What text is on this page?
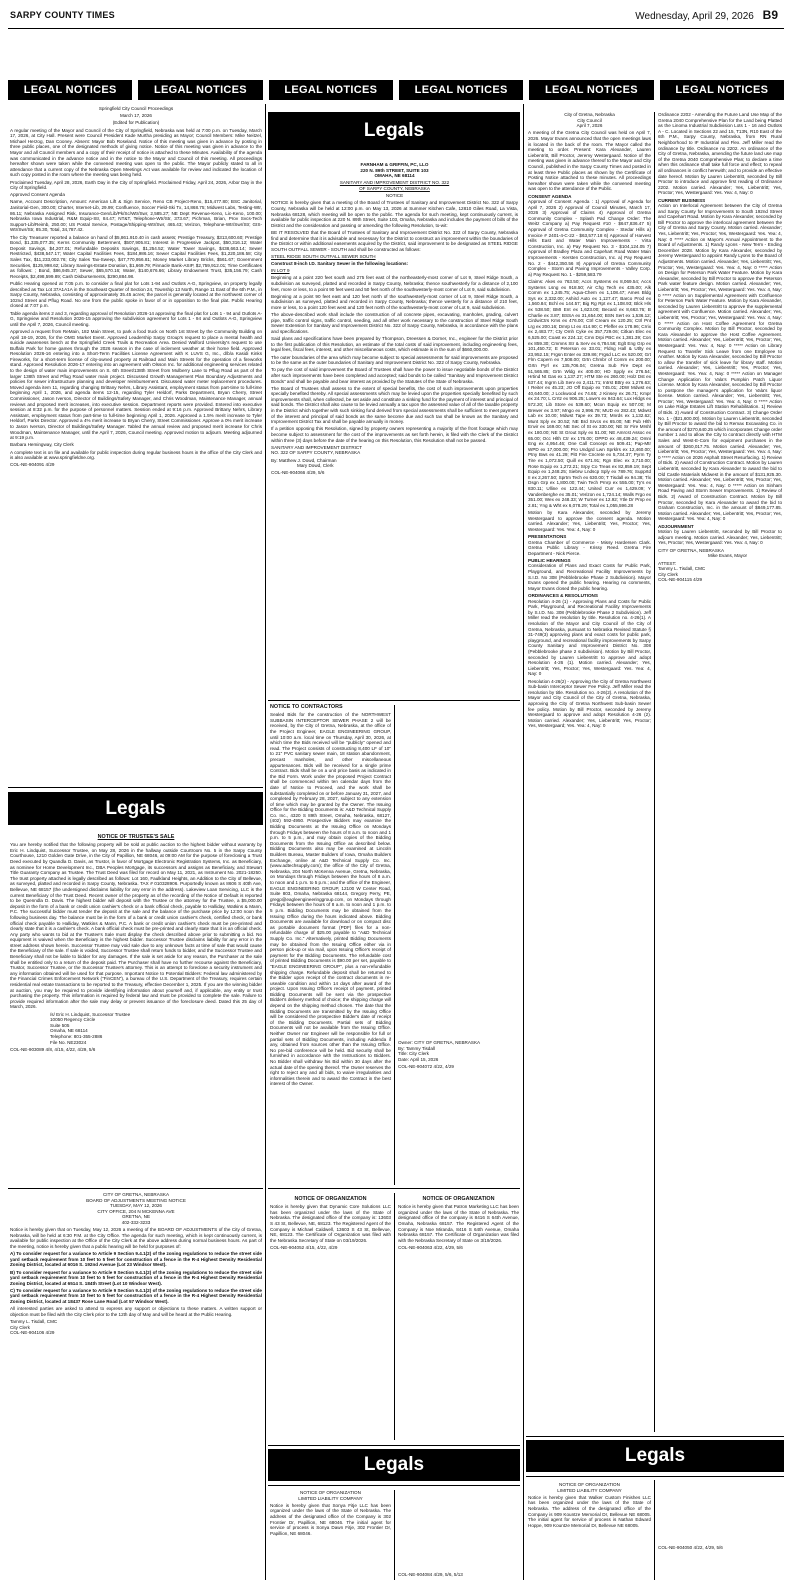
SARPY COUNTY TIMES	Wednesday, April 29, 2026 B9
LEGAL NOTICES	LEGAL NOTICES	LEGAL NOTICES	LEGAL NOTICES	LEGAL NOTICES	LEGAL NOTICES
Legals
Legals
Legals	Legals

Springfield City Council Proceedings

March 17, 2026

(Edited for Publication)

A regular meeting of the Mayor and Council of the City of Springfield, Nebraska was held at 7:00 p.m. on Tuesday, March 17, 2026, at City Hall. Present were Council President Kade Murtha presiding as Mayor; Council Members: Mike Neitzel, Michael Herzog, Dan Cooney. Absent: Mayor Bob Roseland. Notice of this meeting was given in advance by posting in three public places, one of the designated methods of giving notice. Notice of this meeting was given in advance to the Mayor and all Council members and a copy of their receipt of notice is attached to these Minutes. Availability of the agenda was communicated in the advance notice and in the notice to the Mayor and Council of this meeting. All proceedings hereafter shown were taken while the convened meeting was open to the public. The Mayor publicly stated to all in attendance that a current copy of the Nebraska Open Meetings Act was available for review and indicated the location of such copy posted in the room where the meeting was being held.

Proclaimed Tuesday, April 28, 2026, Earth Day in the City of Springfield. Proclaimed Friday, April 24, 2026, Arbor Day in the City of Springfield.

Approved Consent Agenda

Name, Account Description, Amount: American Lift & Sign Service, Reno CB Project-Reno, $15,477.80; BSC Janitorial, Janitorial-Gen, 300.00; Charter, Internet-Lib, 29.99; Confluence, Soccer Field-Ski Tx, 14,868.75; Midwest Labs, Testing-Wtr, 86.11; Nebraska Assigned Risk, Insurance-Gen/Lib/Pk/Sc/Wtr/Swr, 2,585.27; NE Dept Revenue-Keno, Lic-Keno, 100.00; Nebraska Iowa Industrial, R&M Equip-Str, 84.47; NT&T, Telephone-Wtr/Str, 373.67; Pichman, Brian, Prov Svcs-Tech Support-Lib/Reimb, 250.00; US Postal Service, Postage/Shipping-Wtr/Swr, 465.43; Verizon, Telephone-Wtr/Swr/Str; GIS-Wtr/Swr/Str, 85.30, Total, 34,787.42.

The City Treasurer reported a balance on hand of $5,861.910.40 in cash assets; Prestige Treasury, $313,600.60; Prestige Bond, $1,335,077.35; Kerns Community Betterment, $507,905.81; Interest in Progressive Jackpot, $50,316.12; Water Deposit Savings, $4,207.01; Refundable Deposits Savings, $1,254.52; Water Tower Savings, $438,663.14; Sewer Restricted, $438,547.17; Water Capital Facilities Fees, $184,986.16; Sewer Capital Facilities Fees, $1,220,186.58; City Sales Tax, $11,233,002.76; City Sales Tax-Sweep, $47,770,956.81; Money Market Library Bricks, $561.67; Government Securities, $125,998.62; Library Savings-Estate Donation, $1,669.79; Pinnacle Bank-ASIP, $2,759,912.01; Time Certificates as follows: ; Bond, $86,945.37; Sewer, $65,570.16; Water, $140,676.66; Library Endowment Trust, $35,156.79; Cash Receipts, $2,498,599.89; Cash Disbursements, $290,884.98.

Public Hearing opened at 7:05 p.m. to consider a final plat for Lots 1-94 and Outlots A-G, Springview, on property legally described as Tax Lot 37A1A1A in the Southeast Quarter of Section 24, Township 13 North, Range 11 East of the 6th P.M., in Sarpy County, Nebraska, consisting of approximately 35.45 acres; the parcel is generally located at the northwest corner of 102nd Street and Pflug Road. No one from the public spoke in favor of or in opposition to the final plat. Public Hearing closed at 7:07 p.m.

Table agenda items 2 and 3, regarding approval of Resolution 2026-14 approving the final plat for Lots 1 - 94 and Outlots A-G, Springview and Resolution 2026-15 approving the subdivision agreement for Lots 1 - 94 and Outlots A-G, Springview until the April 7, 2026, Council meeting.

Approved a request from ReMain, 182 Main Street, to park a food truck on North 1st Street by the Community Building on April 18-19, 2026, for the OMG Market Event. Approved Leadership Sarpy Group's request to place a mental health and suicide awareness bench at the Springfield Creek Trails & Recreation Area. Denied Walford University's request to use Buffalo Park for home games through the 2026 season in the case of inclement weather at their home field. Approved Resolution 2026-16 entering into a Short-Term Facilities License Agreement with K LUVS G, Inc., d/b/a Kasidi Kinks Fireworks, for a short-term license of city-owned property at Railroad and Main Streets for the operation of a fireworks stand. Approved Resolution 2026-17 entering into an agreement with Olsson Inc. for additional engineering services related to the design of water main improvements on S. 6th Street/138th Street from Mulberry Lane to Pflug Road as part of the larger 138th Street and Pflug Road water main project. Discussed Growth Management Plan Boundary Adjustments and policies for sewer infrastructure planning and developer reimbursement. Discussed water meter replacement procedures. Moved agenda item 11, regarding changing Brittany Nehrs, Library Assistant, employment status from part-time to full-time beginning April 1, 2026, and agenda items 12-15, regarding Tyler Heldorf, Parks Department, Bryan Cherry, Street Commissioner, Jason Iverson, Director of Buildings/Safety Manager, and Chris Woodman, Maintenance Manager, annual reviews and proposed merit increases, into executive session. Department reports were provided. Entered into executive session at 8:32 p.m. for the purpose of personnel matters. Session ended at 9:16 p.m. Approved Brittany Nehrs, Library Assistant, employment status from part-time to full-time beginning April 1, 2026. Approved a 1.5% merit increase to Tyler Heldorf, Parks Director. Approved a 4% merit increase to Bryan Cherry, Street Commissioner. Approve a 0% merit increase to Jason Iverson, Director of Buildings/Safety Manager. Tabled the annual review and proposed merit increase for Chris Woodman, Maintenance Manager, until the April 7, 2026, Council meeting. Approved motion to adjourn. Meeting adjourned at 9:19 p.m.

Barbara Hemingway, City Clerk

A complete text is on file and available for public inspection during regular business hours in the office of the City Clerk and is also available at www.springfieldne.org.

COL-NE-904091 4/29

NOTICE OF TRUSTEE'S SALE

You are hereby notified that the following property will be sold at public auction to the highest bidder without warranty by Eric H. Lindquist, Successor Trustee, on May 28, 2026 in the hallway outside Courtroom No. 5 in the Sarpy County Courthouse, 1210 Golden Gate Drive, in the City of Papillion, NE 68046, at 09:00 AM for the purpose of foreclosing a Trust Deed executed by Quandla D. Davis, as Trustor, in favor of Mortgage Electronic Registration Systems, Inc. as Beneficiary, as nominee for Home Development Inc., DBA Peoples Mortgage, its successors and assigns as Beneficiary, and Stewart Title Guaranty Company as Trustee. The Trust Deed was filed for record on May 11, 2021, as Instrument No. 2021-18250. The trust property attached is legally described as follows: Lot 160, Faulkland Heights, an Addition to the City of Bellevue, as surveyed, platted and recorded in Sarpy County, Nebraska. TAX # 010328906. Purportedly known as 8606 S 40th Ave, Bellevue, NE 68157 (the undersigned disclaims liability for any error in the address). Lakeview Loan Servicing, LLC is the current Beneficiary of the Trust Deed. Recent owner of the property as of the recording of the Notice of Default is reported to be Quenndla D. Davis. The highest bidder will deposit with the Trustee or the attorney for the Trustee, a $5,000.00 deposit in the form of a bank or credit union cashier's check or a bank official check, payable to Halliday, Watkins & Mann, P.C. The successful bidder must tender the deposit at the sale and the balance of the purchase price by 12:00 noon the following business day. The balance must be in the form of a bank or credit union cashier's check, certified check, or bank official check payable to Halliday, Watkins & Mann, P.C. A bank or credit union cashier's check must be pre-printed and clearly state that it is a cashier's check. A bank official check must be pre-printed and clearly state that it is an official check. Any party who wants to bid at the Trustee's Sale must display the check described above prior to submitting a bid. No equipment is waived when the Beneficiary is the highest bidder. Successor Trustee disclaims liability for any error in the street address shown herein. Successor Trustee may void sale due to any unknown facts at time of sale that would cause the Beneficiary of the sale. If sale is voided, Successor Trustee shall return funds to bidder, and the Successor Trustee and Beneficiary shall not be liable to bidder for any damages. If the sale is set aside for any reason, the Purchaser at the sale shall be entitled only to a return of the deposit paid. The Purchaser shall have no further recourse against the Beneficiary, Trustor, Successor Trustee, or the Successor Trustee's attorney. This is an attempt to foreclose a security instrument and any information obtained will be used for that purpose. Important Notice to Potential Bidders: Federal law administered by the Financial Crimes Enforcement Network ("FinCEN"), a bureau of the U.S. Department of the Treasury, requires certain residential real estate transactions to be reported to the Treasury, effective December 1, 2025. If you are the winning bidder at auction, you may be required to provide identifying information about yourself and, if applicable, any entity or trust purchasing the property. This information is required by federal law and must be provided to complete the sale. Failure to provide required information after the sale may delay or prevent issuance of the foreclosure deed. Dated this 25 day of March, 2026.

/s/ Eric H. Lindquist, Successor Trustee

10050 Regency Circle

Suite 505

Omaha, NE 68114

Telephone: 801-355-2886

File No. NE23024

COL-NE-903089 4/8, 4/15, 4/22, 4/29, 5/6

CITY OF GRETNA, NEBRASKA

BOARD OF ADJUSTMENTS MEETING NOTICE

TUESDAY, MAY 12, 2026

CITY OFFICE, 204 N MCKENNA AVE

GRETNA, NE

402-332-3233

Notice is hereby given that on Tuesday, May 12, 2026 a meeting of the BOARD OF ADJUSTMENTS of the City of Gretna, Nebraska, will be held at 6:30 P.M. at the City Office. The agenda for such meeting, which is kept continuously current, is available for public inspection at the Office of the City Clerk at the above address during normal business hours. As part of the meeting, notice is hereby given that a public hearing will be held for purposes of:

A) To consider request for a variance to Article 9 Section 9.4.1(2) of the zoning regulations to reduce the street side yard setback requirement from 10 feet to 5 feet for construction of a fence in the R-4 Highest Density Residential Zoning District, located at 6016 S. 192nd Avenue (Lot 23 Windsor West).

B) To consider request for a variance to Article 9 Section 9.4.1(2) of the zoning regulations to reduce the street side yard setback requirement from 10 feet to 5 feet for construction of a fence in the R-4 Highest Density Residential Zoning District, located at 6514 S. 184th Street (Lot 10 Windsor West).

C) To consider request for a variance to Article 9 Section 9.4.1(2) of the zoning regulations to reduce the street side yard setback requirement from 10 feet to 5 feet for construction of a fence in the R-4 Highest Density Residential Zoning District, located at 18437 Rose Lane Road (Lot 57 Windsor West).

All interested parties are asked to attend to express any support or objections to these matters. A written support or objection must be filed with the City Clerk prior to the 12th day of May and will be heard at the Public Hearing.

Tammy L. Tisdall, CMC

City Clerk

COL-NE-904106 4/29

FARNHAM & GRIFFIN, PC, LLO

220 N. 89th STREET, SUITE 103

OMAHA, NE 68114

SANITARY AND IMPROVEMENT DISTRICT NO. 322

OF SARPY COUNTY, NEBRASKA

NOTICE

NOTICE is hereby given that a meeting of the Board of Trustees of Sanitary and Improvement District No. 322 of Sarpy County, Nebraska will be held at 12:00 p.m. on May 13, 2026 at Summer Kitchen Cafe, 12810 Giles Road, La Vista, Nebraska 68128, which meeting will be open to the public. The agenda for such meeting, kept continuously current, is available for public inspection at 220 N. 89th Street, Suite 103, Omaha, Nebraska and includes the payment of bills of the District and the consideration and passing or amending the following Resolution, to-wit:

BE IT RESOLVED that the Board of Trustees of Sanitary and Improvement District No. 322 of Sarpy County, Nebraska find and determine that it is advisable and necessary for the District to construct an improvement within the boundaries of the District or within additional easements acquired by the District, said improvement to be designated as STEEL RIDGE SOUTH OUTFALL SEWER - SOUTH and shall be constructed as follows:

STEEL RIDGE SOUTH OUTFALL SEWER SOUTH

Construct 8-inch I.D. Sanitary Sewer in the following locations:

IN LOT 9

Beginning at a point 220 feet south and 275 feet east of the northeasterly-most corner of Lot 9, Steel Ridge South, a subdivision as surveyed, platted and recorded in Sarpy County, Nebraska; thence southwesterly for a distance of 2,100 feet, more or less, to a point 90 feet west and 50 feet north of the southwesterly-most corner of Lot 9, said subdivision.

Beginning at a point 90 feet east and 120 feet north of the southwesterly-most corner of Lot 9, Steel Ridge South, a subdivision as surveyed, platted and recorded in Sarpy County, Nebraska; thence westerly for a distance of 210 feet, more or less, to a point 120 feet west and 120 feet north of the southwesterly-most corner of Lot 9, said subdivision.

The above-described work shall include the construction of all concrete pipes, excavating, manholes, grading, culvert pipe, traffic control signs, traffic control, seeding, and all other work necessary to the construction of Steel Ridge South Sewer Extension for Sanitary and Improvement District No. 322 of Sarpy County, Nebraska, in accordance with the plans and specifications.

Said plans and specifications have been prepared by Thompson, Dreessen & Dorner, Inc., engineer for the District prior to the first publication of this Resolution, an estimate of the total costs of said improvement, including engineering fees, legal fees, fiscal fees, interest, and other miscellaneous costs, which estimate is in the sum of $660,000.00.

The outer boundaries of the area which may become subject to special assessments for said improvements are proposed to be the same as the outer boundaries of Sanitary and Improvement District No. 322 of Sarpy County, Nebraska.

To pay the cost of said improvement the Board of Trustees shall have the power to issue negotiable bonds of the District after such improvements have been completed and accepted; said bonds to be called "Sanitary and Improvement District Bonds" and shall be payable and bear interest as provided by the Statutes of the State of Nebraska.

The Board of Trustees shall assess to the extent of special benefits, the cost of such improvements upon properties specially benefited thereby. All special assessments which may be levied upon the properties specially benefited by such improvements shall, when collected, be set aside and constitute a sinking fund for the payment of interest and principal of said bonds. The District shall also cause to be levied annually a tax upon the assessed value of all of the taxable property in the District which together with such sinking fund derived from special assessments shall be sufficient to meet payment of the interest and principal of said bonds as the same become due and such tax shall be known as the Sanitary and Improvement District Tax and shall be payable annually in money.

If a petition opposing this Resolution, signed by property owners representing a majority of the front footage which may become subject to assessment for the cost of the improvements as set forth herein, is filed with the Clerk of the District within three (3) days before the date of the hearing on this Resolution, this Resolution shall not be passed.

SANITARY AND IMPROVEMENT DISTRICT

NO. 322 OF SARPY COUNTY, NEBRASKA

By: Matthew J. Dowd, Chairman

Mary Dowd, Clerk

COL-NE-904066 4/29, 5/6

NOTICE TO CONTRACTORS

Sealed Bids for the construction of the NORTHWEST SUBBASIN INTERCEPTOR SEWER PHASE 2 will be received, by the City of Gretna, Nebraska, at the office of the Project Engineer, EAGLE ENGINEERING GROUP, until 10:00 a.m. local time on Thursday, April 30, 2026, at which time the Bids received will be "publicly" opened and read. The Project consists of constructing 8,400 LF of 10" to 21" PVC sanitary sewer main, 18 station abandonment, precast manholes, and other miscellaneous appurtenances. Bids will be received for a single prime Contract. Bids shall be on a unit price basis as indicated in the Bid Form. Work under the proposed Project Contract shall be commenced within ten calendar days from the date of Notice to Proceed, and the work shall be substantially completed on or before January 31, 2027, and completed by February 28, 2027, subject to any extension of time which may be granted by the Owner. The Issuing Office for the Bidding Documents is: A&D Technical Supply Co. Inc., 4320 S 89th Street, Omaha, Nebraska, 68127, (402) 592-4950. Prospective Bidders may examine the Bidding Documents at the Issuing Office on Mondays through Fridays between the hours of 8 a.m. to noon and 1 p.m. to 5 p.m., and may obtain copies of the Bidding Documents from the Issuing Office as described below. Bidding Documents also may be examined at Lincoln Builders Bureau, Master Builders of Iowa, Omaha Builders Exchange, online at A&D Technical Supply Co. Inc. (www.adtechsupply.com); the office of the City of Gretna, Nebraska, 204 North McKenna Avenue, Gretna, Nebraska, on Mondays through Fridays between the hours of 8 a.m. to noon and 1 p.m. to 5 p.m.; and the office of the Engineer, EAGLE ENGINEERING GROUP, 12100 W Center Road, Suite 803, Omaha, Nebraska 68144, Gregory Perry, PE, gregp@eagleengineeringgroup.com, on Mondays through Fridays between the hours of 8 a.m. to noon and 1 p.m. to 5 p.m. Bidding Documents may be obtained from the Issuing Office during the hours indicated above. Bidding Documents are available for download or on compact disc as portable document format (PDF) files for a non-refundable charge of $25.00 payable to "A&D Technical Supply Co. Inc." Alternatively, printed Bidding Documents may be obtained from the Issuing Office either via in person pick-up or via mail, upon Issuing Office's receipt of payment for the Bidding Documents. The refundable cost of printed Bidding Documents is $90.00 per set, payable to "EAGLE ENGINEERING GROUP", plus a non-refundable shipping charge. Refundable deposit shall be returned to the Bidder upon receipt of the contract documents in re-useable condition and within 14 days after award of the project. Upon Issuing Office's receipt of payment, printed Bidding Documents will be sent via the prospective Bidder's delivery method of choice; the shipping charge will depend on the shipping method chosen. The date that the Bidding Documents are transmitted by the Issuing Office will be considered the prospective Bidder's date of receipt of the Bidding Documents. Partial sets of Bidding Documents will not be available from the Issuing Office. Neither Owner nor Engineer will be responsible for full or partial sets of Bidding Documents, including Addenda if any, obtained from sources other than the Issuing Office. No pre-bid conference will be held. Bid security shall be furnished in accordance with the Instructions to Bidders. No Bidder shall withdraw his Bid within 30 days after the actual date of the opening thereof. The Owner reserves the right to reject any and all bids, to waive irregularities and informalities therein and to award the Contract in the best interest of the Owner.

Owner: CITY OF GRETNA, NEBRASKA

By: Tammy Tisdall

Title: City Clerk

Date: April 15, 2026

COL-NE-904072 4/22, 4/29

NOTICE OF ORGANIZATION

Notice is hereby given that Dynamic Core Solutions LLC has been organized under the laws of the State of Nebraska. The designated office of the company is: 13603 S 43 St, Bellevue, NE, 68123. The Registered Agent of the Company is Michael Caldwell, 13603 S 43 St, Bellevue, NE, 68123. The Certificate of Organization was filed with the Nebraska Secretary of State on 03/19/2026.

COL-NE-904052 4/15, 4/22, 4/29

NOTICE OF ORGANIZATION

Notice is hereby given that Patron Marketing LLC has been organized under the laws of the State of Nebraska. The designated office of the company is 8416 S 64th Avenue, Omaha, Nebraska 68157. The Registered Agent of the Company is Noe Miranda, 8416 S 64th Avenue, Omaha Nebraska 68157. The Certificate of Organization was filed with the Nebraska Secretary of State on 3/19/2026.

COL-NE-904063 4/22, 4/29, 5/6

NOTICE OF ORGANIZATION

LIMITED LIABILITY COMPANY

Notice is hereby given that Sonya Fitje LLC has been organized under the laws of the State of Nebraska. The address of the designated office of the Company is 302 Frontier Dr, Papillion, NE 68046. The initial agent for service of process is Sonya Dawn Fitje, 302 Frontier Dr, Papillion, NE 68046.

COL-NE-904084 4/29, 5/6, 5/13

City of Gretna, Nebraska

City Council

April 7, 2026

A meeting of the Gretna City Council was held on April 7, 2026. Mayor Evans announced that the open meetings laws is located in the back of the room. The Mayor called the meeting to order. Present: Kara Alexander, Lauren Liebentritt, Bill Proctor, Jeremy Westergaard. Notice of the meeting was given in advance thereof to the Mayor and City Council, published in the Sarpy County Times and posted in at least three Public places as shown by the Certificate of Posting Notice attached to these minutes. All proceedings hereafter shown were taken while the convened meeting was open to the attendance of the Public.

CONSENT AGENDA

Approval of Consent Agenda : 1) Approval of Agenda for April 7, 2026 2) Approval of Council Minutes, March 17, 2026 3) Approval of Claims 4) Approval of Gretna Community Complex - Splash Pad Change Order: The Weitz Company a) Pay Request #10 - $647,836.47 5) Approval of Gretna Community Complex - Stedar Hills a) Invoice # 2401-4-C-22 - $63,577.18 6) Approval of Harvest Hills East and Water Main Improvements - Virta Construction, Inc. a) Pay Request No. 3 - $104,124.05 7) Approval of Bradley Plaza and Capehart Road Water Main Improvements - Kersten Construction, Inc. a) Pay Request No. 2 - $442,350.56 8) Approval of Gretna Community Complex - Storm and Paving Improvements - Valley Corp. a) Pay Request No. 1 - $259,583.79

Claims: Akes ex 763.50; Accs Systems ex 8,069.54; Accs Systems Lsng ex 918.50; Air Chg Tech ex 435.00; Alk Comm ex 1,245.75; Aqua-Chem ex 1,108.47; Ames Bldg Sys ex 2,332.00; Ashird Auto ex 1,127.47; Barco Prod ex 1,560.84; Bchl ex 144.57; Big Rg Rpt ex 1,108.93; Blck Hls ex 538.50; BMI Ent ex 1,623.00; Becard ex 8,663.76; B Charlie ex 3.87; BSSA ex 31,654.00; BSN Sert ex 1,536.12; CirdwiCtrs Kms ex 476.00; Ctrl Cream ex 120.25; Ctrl Pnt Lrg ex 200.16; Dmrp Lt ex 414.90; C Pfeffer ex 178.96; Crrix ex 2,483.77; Cty Omh Cyke ex 357,729.06; Citkan Elec ex 6,525.00; Coast ex 224.12; Cmn Drpi PBC ex 1,381.39; Con ex 859.30; Cmmns Str & Serv ex 6,784.56; Eglt Eng Grp ex 101,450.72; E Peterson ex 33.01; Fldng Hall & Utlty ex 23,952.15; Frgsn Enter ex 339.86; Frgsd LLC ex 520.00; Grt Flm Copern ex 7,508.00; Grtn Chmbr of Comm ex 200.00; Grtn Pyrl ex 135,706.04; Gretna Sub Fire Dept ex 51,565.85; Grtn Wldg ex 400.00; HD Spply ex 276.54; Hrtind Nt Gas ex 1,137.27; HTM Ste ex 260.00; Holz Dst ex 637.44; Ingrm Lib Serv ex 2,411.71; Intrst Bttry ex 1,276.63; I Reiter ex 45.23; JO Off Equip ex 745.01; JDW Mdwst ex 40,640.00; J Lockwood ex 74.65; J Kinsey ex 26.71; Kmpr ex 24.70; L Crrtz ex 906.25; Lowe's ex 943.64; Lux Hldgs ex 572.20; Lib Store ex 539.60; Mcon Equip ex 507.00; M Brewer ex 3.97; Mngo ex 2,996.78; MUD ex 282.43; Mdwst Lab ex 10.00; Mdwst Tape ex 39.73; Mnrds ex 1,132.62; Munt Sply ex 30.52; NE Brd Srvcs ex 65.00; NE Pub Hlth Envir ex 169.00; NE Sec of St ex 330.00; NE Sr Fire Mrshl ex 180.00; NE St Grout Sply ex 51.00; NE Amrcst Assoc ex 65.00; Occ Hlth Ctr ex 176.00; OPPD ex 48,439.24; Omni Eng ex 4,954.46; One Call Concept ex 509.41; Pap-Mtr WPD ex 17,000.00; Pro Undgrd Lwn Sprklrs ex 12,460.00; Ptny Bws ex 41.29; Pitt Fire Cncrete ex 5,734.37; Pyrm Ty Tire ex 1,072.50; Quill ex 671.91; Rgn Elec ex 3,710.00; Rose Equip ex 1,272.21; Srpy Co Treas ex 82,859.19; Sept Equip ex 1,248.25; Siebrw Lndscp Sply ex 789.76; Supprtd II ex 2,267.50; Sprtm Tech ex 630.00; T Tisdall ex 94.38; Tlx Dsgn Grp ex 1,800.00; Twin Tech Prnrp ex 555.00; Ty's ex 830.11; Ulline ex 122.44; United Curr ex 1,429.09; Y Vandenberghe ex 35.01; Verizon ex 1,724.14; Walls Frgo ex 351.00; Wex ex 248.33; W Turner ex 12.92; Ytle Dr Pmp ex 2.81; Yng & Wht ex 6,078.29; Total ex 1,055,596.28

Motion by Kara Alexander, seconded by Jeremy Westergaard to approve the consent agenda. Motion carried. Alexander; Yes, Liebentritt; Yes, Proctor; Yes, Westergaard: Yes. Yea: 4, Nay: 0

PRESENTATIONS

Gretna Chamber of Commerce - Missy Hardersen Clark. Gretna Public Library - Krissy Reed. Gretna Fire Department - Nick Pierce.

PUBLIC HEARINGS

Consideration of Plans and Exact Costs for Public Park, Playground, and Recreational Facility Improvements by S.I.D. No 308 (Pebblebrooke Phase 2 Subdivision). Mayor Evans opened the public hearing. Hearing no comments, Mayor Evans closed the public hearing.

ORDINANCES & RESOLUTIONS

Resolution 4-26 (1) - Approving Plans and Costs for Public Park, Playground, and Recreational Facility Improvements by S.I.D. No. 308 (Pebblebrooke Phase 2 Subdivision). Jeff Miller read the resolution by title. Resolution no. 4-26(1). A resolution of the Mayor and City Council of the City of Gretna, Nebraska, pursuant to Nebraska Revised Statute § 31-749(3) approving plans and exact costs for public park, playground, and recreational facility improvements by Sarpy County Sanitary and Improvement District No. 308 (Pebblebrooke phase 2 subdivision). Motion by Bill Proctor, seconded by Lauren Liebentritt to approve and adopt Resolution 4-26 (1). Motion carried. Alexander; Yes, Liebentritt; Yes, Proctor; Yes, Westergaard: Yes. Yea: 4, Nay: 0

Resolution 4-26(2) - Approving the City of Gretna Northwest Sub-basin Interceptor Sewer Fee Policy. Jeff Miller read the resolution by title. Resolution no. 4-26(2). A resolution of the Mayor and City Council of the City of Gretna, Nebraska, approving the City of Gretna Northwest Sub-basin Sewer fee policy. Motion by Bill Proctor, seconded by Jeremy Westergaard to approve and adopt Resolution 4-26 (2). Motion carried. Alexander; Yes, Liebentritt; Yes, Proctor; Yes, Westergaard; Yes. Yea: 4, Nay: 0

Ordinance 2202 - Amending the Future Land Use Map of the Gretna 2040 Comprehensive Plan for the Land being Platted as the Linoma Industrial Subdivision Lots 1 - 16 and Outlots A - C. Located in Sections 22 and 15, T13N, R10 East of the 6th P.M., Sarpy County, Nebraska, from RN Rural Neighborhood to IF Industrial and Flex. Jeff Miller read the ordinance by title. Ordinance no 2202. An ordinance of the City of Gretna, Nebraska, amending the future land use map of the Gretna 2040 Comprehensive Plan; to declare a time when this ordinance shall take full force and effect; to repeal all ordinances in conflict herewith; and to provide an effective date hereof. Motion by Lauren Liebentritt, seconded by Bill Proctor to introduce and approve first reading of Ordinance 2202. Motion carried. Alexander; Yes, Liebentritt; Yes, Proctor; Yes, Westergaard: Yes. Yea: 4, Nay: 0

CURRENT BUSINESS

Action on Interlocal Agreement between the City of Gretna and Sarpy County for Improvements to South 192nd Street and Capehart Road. Motion by Kara Alexander, seconded by Bill Proctor to approve the interlocal agreement between the City of Gretna and Sarpy County. Motion carried. Alexander; Yes, Liebentritt; Yes, Proctor; Yes, Westergaard: Yes. Yea: 4, Nay: 0 ***** Action on Mayor's Annual Appointment to the Board of Adjustments. 1) Randy Lyons - New Term - Ending December 2028. Motion by Kara Alexander, seconded by Jeremy Westergaard to appoint Randy Lyons to the Board of Adjustments. Motion carried. Alexander; Yes, Liebentritt; Yes, Proctor; Yes, Westergaard: Yes. Yea: 4, Nay: 0 ***** Action on Design for Peterson Park Water Feature. Motion by Kara Alexander, seconded by Bill Proctor to approve the Peterson Park water feature design. Motion carried. Alexander; Yes, Liebentritt; Yes, Proctor; Yes, Westergaard: Yes. Yea: 4, Nay: 0 ***** Action on Supplemental Agreement with Confluence for Peterson Park Water Feature. Motion by Kara Alexander, seconded by Lauren Liebentritt to approve the supplemental agreement with Confluence. Motion carried. Alexander; Yes, Liebentritt; Yes, Proctor; Yes, Westergaard: Yes. Yea: 4, Nay: 0 ***** Action on Host Coffee Agreement for Gretna Community Complex. Motion by Bill Proctor, seconded by Kara Alexander to approve the Host Coffee Agreement. Motion carried. Alexander; Yes, Liebentritt; Yes, Proctor; Yes, Westergaard: Yes. Yea: 4, Nay: 0 ***** Action on Library Request to Transfer Sick Leave from one Employee to Another. Motion by Kara Alexander, seconded by Bill Proctor to allow the transfer of sick leave for library staff. Motion carried. Alexander; Yes, Liebentritt; Yes, Proctor; Yes, Westergaard: Yes. Yea: 4, Nay: 0 ***** Action on Manager Change Application for Vala's Pumpkin Patch Liquor License. Motion by Kara Alexander, seconded by Bill Proctor to postpone the manager's application for Vala's liquor license. Motion carried. Alexander; Yes, Liebentritt; Yes, Proctor; Yes, Westergaard: Yes. Yea: 4, Nay: 0 ***** Action on Lake Ridge Estates Lift Station Rehabilitation. 1) Review of Bids. 2) Award of Construction Contract. 3) Change Order No. 1 - ($21,600.00). Motion by Lauren Liebentritt, seconded by Bill Proctor to award the bid to Remax Excavating Co. in the amount of $270,640.25 which incorporates Change order number 1 and to allow the City to contract directly with HTM Sales and West-E-Com for equipment purchases in the amount of $260,017.75. Motion carried. Alexander; Yes, Liebentritt; Yes, Proctor; Yes, Westergaard: Yes. Yea: 4, Nay: 0 ***** Action on 2026 Asphalt Street Resurfacing. 1) Review of Bids. 2) Award of Construction Contract. Motion by Lauren Liebentritt, seconded by Kara Alexander to award the bid to Old Castle Materials Midwest in the amount of $131,925.30. Motion carried. Alexander; Yes, Liebentritt; Yes, Proctor; Yes, Westergaard: Yes. Yea: 4, Nay: 0 ***** Action on Sinham Road Paving and Storm Sewer Improvements. 1) Review of Bids. 2) Award of Construction Contract. Motion by Bill Proctor, seconded by Kara Alexander to award the bid to Graham Construction, Inc. in the amount of $849,177.85. Motion carried. Alexander; Yes, Liebentritt; Yes, Proctor; Yes, Westergaard: Yes. Yea: 4, Nay: 0

ADJOURNMENT

Motion by Lauren Liebentritt, seconded by Bill Proctor to adjourn meeting. Motion carried. Alexander; Yes, Liebentritt; Yes, Proctor; Yes, Westergaard: Yes. Yea: 4, Nay: 0

CITY OF GRETNA, NEBRASKA

Mike Evans, Mayor

ATTEST:

Tammy L. Tisdall, CMC

City Clerk

COL-NE-904115 4/29

NOTICE OF ORGANIZATION

LIMITED LIABILITY COMPANY

Notice is hereby given that Walker Custom Finishes LLC has been organized under the laws of the State of Nebraska. The address of the designated office of the Company is 909 Kountze Memorial Dr, Bellevue NE 68005. The initial agent for service of process is Nathan Edward Hoppe, 909 Kountze Memorial Dr, Bellevue NE 68005.

COL-NE-904050 4/22, 4/29, 5/6
